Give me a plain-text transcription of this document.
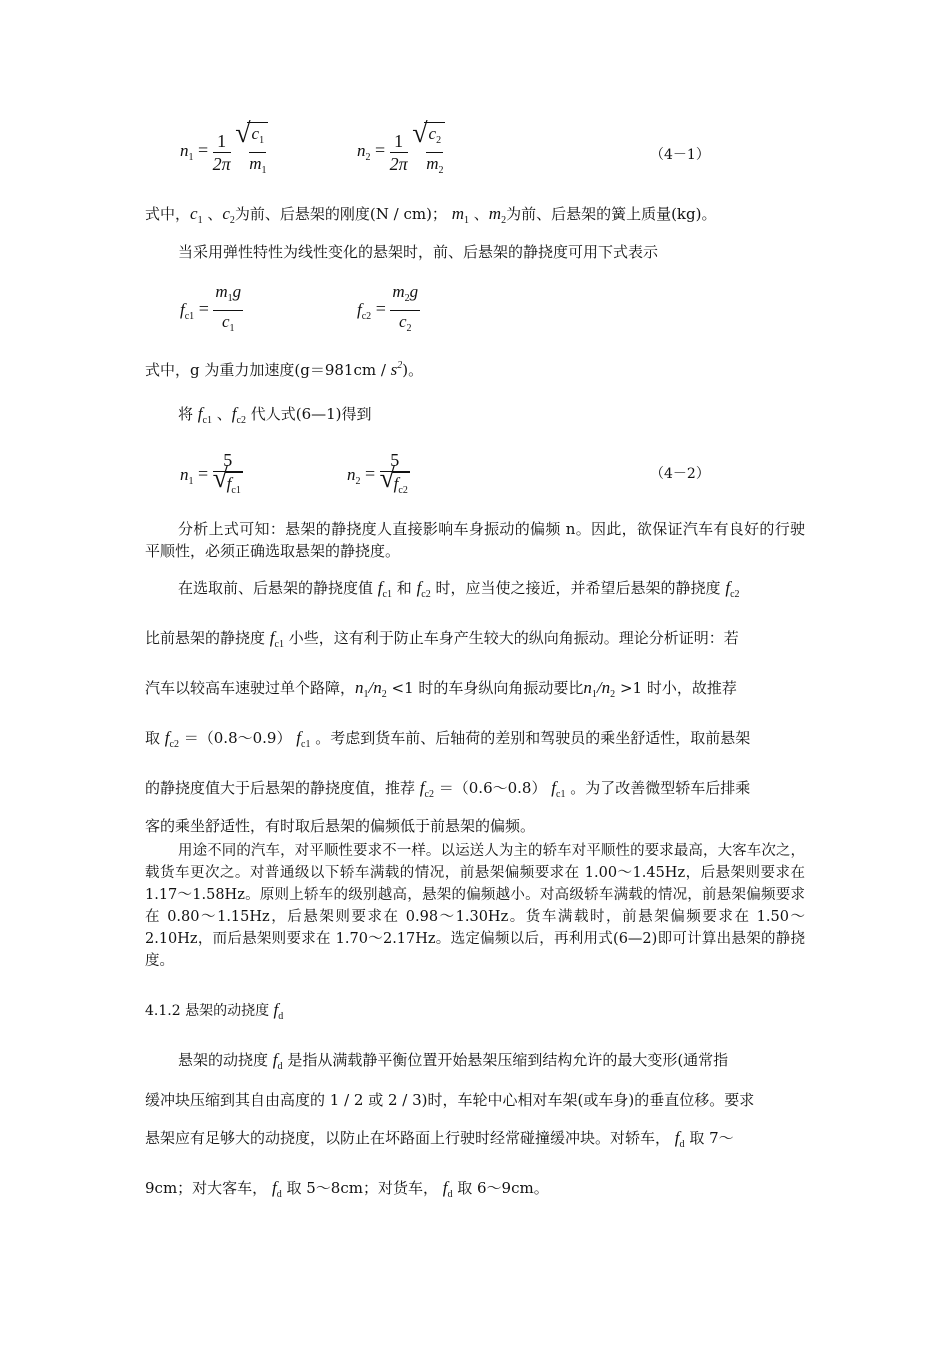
$n_1 = \frac{1}{2\pi}$
√ $\frac{c_1}{m_1}$	$n_2 = \frac{1}{2\pi}$
√ $\frac{c_2}{m_2}$	（4－1）
式中，$c_1$ 、$c_2$为前、后悬架的刚度(N / cm)； $m_1$ 、$m_2$为前、后悬架的簧上质量(kg)。
当采用弹性特性为线性变化的悬架时，前、后悬架的静挠度可用下式表示
$f_{c1} = \frac{m_1g}{c_1}$	$f_{c2} = \frac{m_2g}{c_2}$
式中，g 为重力加速度$(g=981cm / s^2)$。
将 $f_{c1}$ 、$f_{c2}$ 代人式(6—1)得到
$n_1 = 5$
√ $f_{c1}$	$n_2 = 5$
√ $f_{c2}$	（4－2）
分析上式可知：悬架的静挠度人直接影响车身振动的偏频 n。因此，欲保证汽车有良好的行驶平顺性，必须正确选取悬架的静挠度。
在选取前、后悬架的静挠度值 $f_{c1}$ 和 $f_{c2}$ 时，应当使之接近，并希望后悬架的静挠度 $f_{c2}$
比前悬架的静挠度 $f_{c1}$ 小些，这有利于防止车身产生较大的纵向角振动。理论分析证明：若
汽车以较高车速驶过单个路障，$n_1/n_2 <1$ 时的车身纵向角振动要比$n_1/n_2 >1$ 时小，故推荐
取 $f_{c2}$ ＝（0.8～0.9） $f_{c1}$ 。考虑到货车前、后轴荷的差别和驾驶员的乘坐舒适性，取前悬架
的静挠度值大于后悬架的静挠度值，推荐 $f_{c2}$ ＝（0.6～0.8） $f_{c1}$ 。为了改善微型轿车后排乘
客的乘坐舒适性，有时取后悬架的偏频低于前悬架的偏频。
用途不同的汽车，对平顺性要求不一样。以运送人为主的轿车对平顺性的要求最高，大客车次之，载货车更次之。对普通级以下轿车满载的情况，前悬架偏频要求在 1.00～1.45Hz，后悬架则要求在 1.17～1.58Hz。原则上轿车的级别越高，悬架的偏频越小。对高级轿车满载的情况，前悬架偏频要求在 0.80～1.15Hz，后悬架则要求在 0.98～1.30Hz。货车满载时，前悬架偏频要求在 1.50～2.10Hz，而后悬架则要求在 1.70～2.17Hz。选定偏频以后，再利用式(6—2)即可计算出悬架的静挠度。
4.1.2 悬架的动挠度 $f_d$
悬架的动挠度 $f_d$ 是指从满载静平衡位置开始悬架压缩到结构允许的最大变形(通常指
缓冲块压缩到其自由高度的 1 / 2 或 2 / 3)时，车轮中心相对车架(或车身)的垂直位移。要求
悬架应有足够大的动挠度，以防止在坏路面上行驶时经常碰撞缓冲块。对轿车， $f_d$ 取 7～
9cm；对大客车， $f_d$ 取 5～8cm；对货车， $f_d$ 取 6～9cm。
